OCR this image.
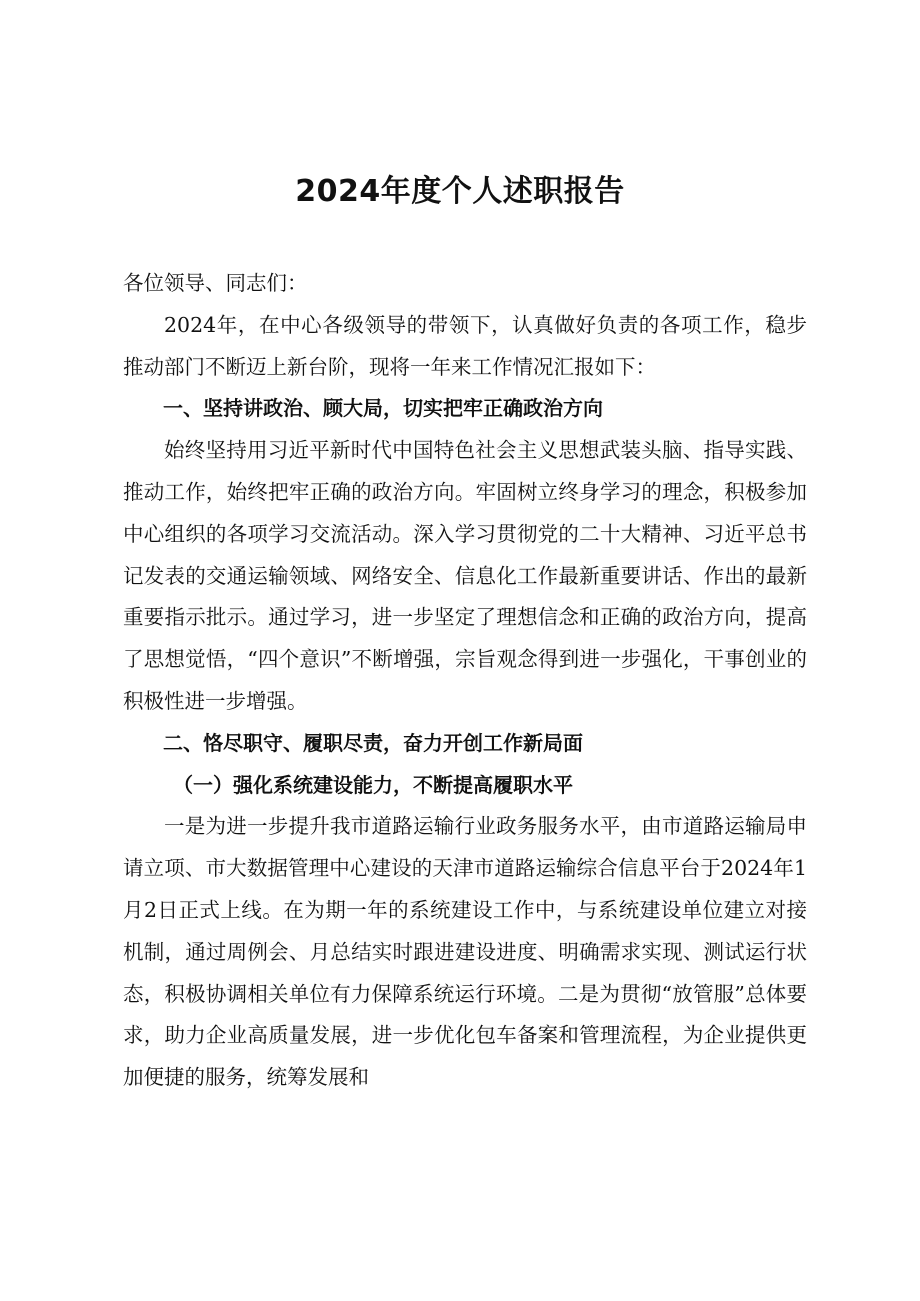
2024年度个人述职报告

各位领导、同志们：

2024年，在中心各级领导的带领下，认真做好负责的各项工作，稳步推动部门不断迈上新台阶，现将一年来工作情况汇报如下：

一、坚持讲政治、顾大局，切实把牢正确政治方向

始终坚持用习近平新时代中国特色社会主义思想武装头脑、指导实践、推动工作，始终把牢正确的政治方向。牢固树立终身学习的理念，积极参加中心组织的各项学习交流活动。深入学习贯彻党的二十大精神、习近平总书记发表的交通运输领域、网络安全、信息化工作最新重要讲话、作出的最新重要指示批示。通过学习，进一步坚定了理想信念和正确的政治方向，提高了思想觉悟，“四个意识”不断增强，宗旨观念得到进一步强化，干事创业的积极性进一步增强。

二、恪尽职守、履职尽责，奋力开创工作新局面

（一）强化系统建设能力，不断提高履职水平

一是为进一步提升我市道路运输行业政务服务水平，由市道路运输局申请立项、市大数据管理中心建设的天津市道路运输综合信息平台于2024年1月2日正式上线。在为期一年的系统建设工作中，与系统建设单位建立对接机制，通过周例会、月总结实时跟进建设进度、明确需求实现、测试运行状态，积极协调相关单位有力保障系统运行环境。二是为贯彻“放管服”总体要求，助力企业高质量发展，进一步优化包车备案和管理流程，为企业提供更加便捷的服务，统筹发展和
